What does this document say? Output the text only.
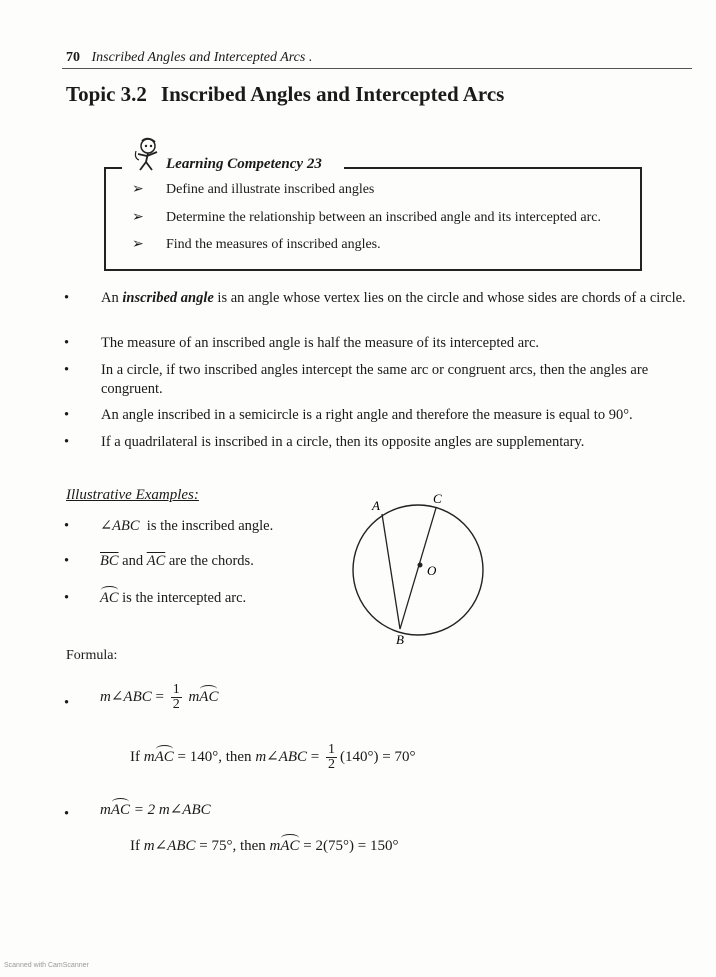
70 Inscribed Angles and Intercepted Arcs .
Topic 3.2 Inscribed Angles and Intercepted Arcs
Learning Competency 23
➢ Define and illustrate inscribed angles
➢ Determine the relationship between an inscribed angle and its intercepted arc.
➢ Find the measures of inscribed angles.
• An inscribed angle is an angle whose vertex lies on the circle and whose sides are chords of a circle.
• The measure of an inscribed angle is half the measure of its intercepted arc.
• In a circle, if two inscribed angles intercept the same arc or congruent arcs, then the angles are congruent.
• An angle inscribed in a semicircle is a right angle and therefore the measure is equal to 90°.
• If a quadrilateral is inscribed in a circle, then its opposite angles are supplementary.
Illustrative Examples:
• ∠ABC is the inscribed angle.
• $\overline{BC}$ and $\overline{AC}$ are the chords.
• AC is the intercepted arc.
A	C
O
B
Formula:
• m∠ABC = $\frac{1}{2}$ mAC
If mAC = 140°, then m∠ABC = $\frac{1}{2} (140^\circ) = 70^\circ$
• mAC = 2 m∠ABC
If m∠ABC = 75°, then mAC = 2(75°) = 150°
Scanned with CamScanner
